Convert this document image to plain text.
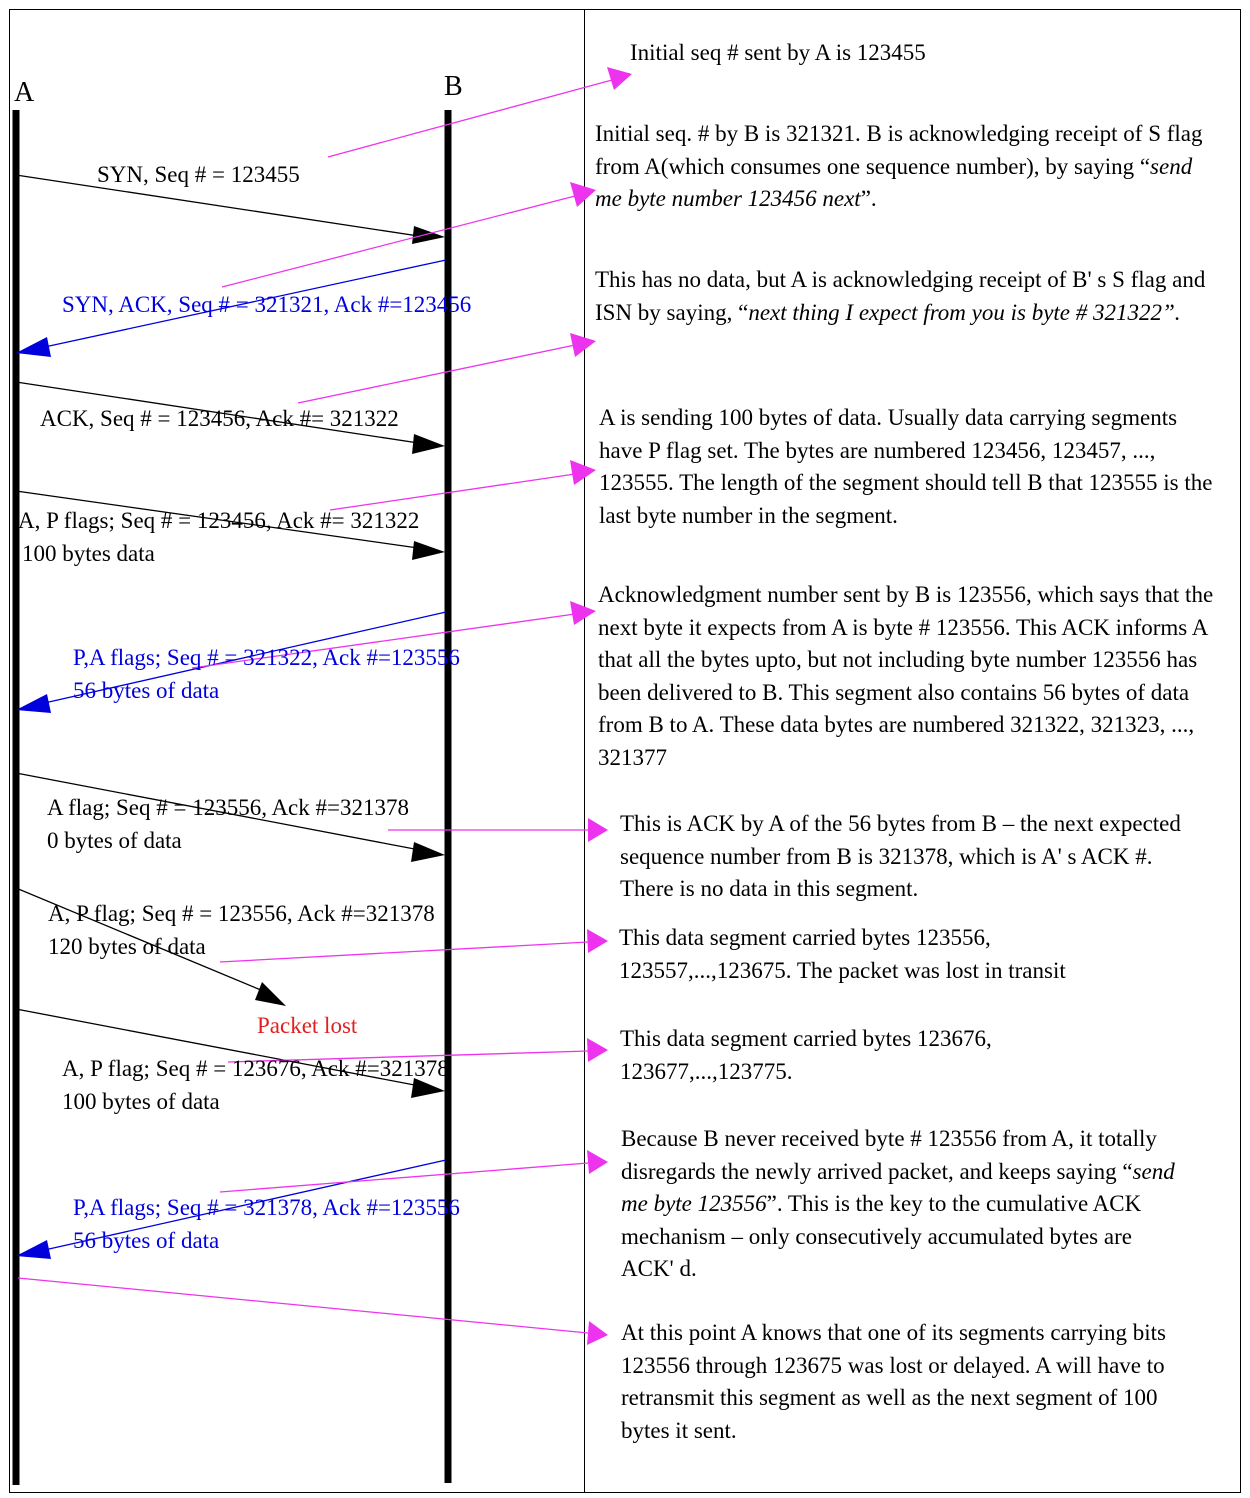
A	B
SYN, Seq # = 123455
SYN, ACK, Seq # = 321321, Ack #=123456
ACK, Seq # = 123456, Ack #= 321322
A, P flags; Seq # = 123456, Ack #= 321322
100 bytes data
P,A flags; Seq # = 321322, Ack #=123556
56 bytes of data
A flag; Seq # = 123556, Ack #=321378
0 bytes of data
A, P flag; Seq # = 123556, Ack #=321378
120 bytes of data
Packet lost
A, P flag; Seq # = 123676, Ack #=321378
100 bytes of data
P,A flags; Seq # = 321378, Ack #=123556
56 bytes of data
Initial seq # sent by A is 123455
Initial seq. # by B is 321321. B is acknowledging receipt of S flag from A(which consumes one sequence number), by saying “send me byte number 123456 next”.
This has no data, but A is acknowledging receipt of B' s S flag and ISN by saying, “next thing I expect from you is byte # 321322”.
A is sending 100 bytes of data. Usually data carrying segments have P flag set. The bytes are numbered 123456, 123457, ..., 123555. The length of the segment should tell B that 123555 is the last byte number in the segment.
Acknowledgment number sent by B is 123556, which says that the next byte it expects from A is byte # 123556. This ACK informs A that all the bytes upto, but not including byte number 123556 has been delivered to B. This segment also contains 56 bytes of data from B to A. These data bytes are numbered 321322, 321323, ..., 321377
This is ACK by A of the 56 bytes from B – the next expected sequence number from B is 321378, which is A' s ACK #. There is no data in this segment.
This data segment carried bytes 123556, 123557,...,123675. The packet was lost in transit
This data segment carried bytes 123676, 123677,...,123775.
Because B never received byte # 123556 from A, it totally disregards the newly arrived packet, and keeps saying “send me byte 123556”. This is the key to the cumulative ACK mechanism – only consecutively accumulated bytes are ACK' d.
At this point A knows that one of its segments carrying bits 123556 through 123675 was lost or delayed. A will have to retransmit this segment as well as the next segment of 100 bytes it sent.
